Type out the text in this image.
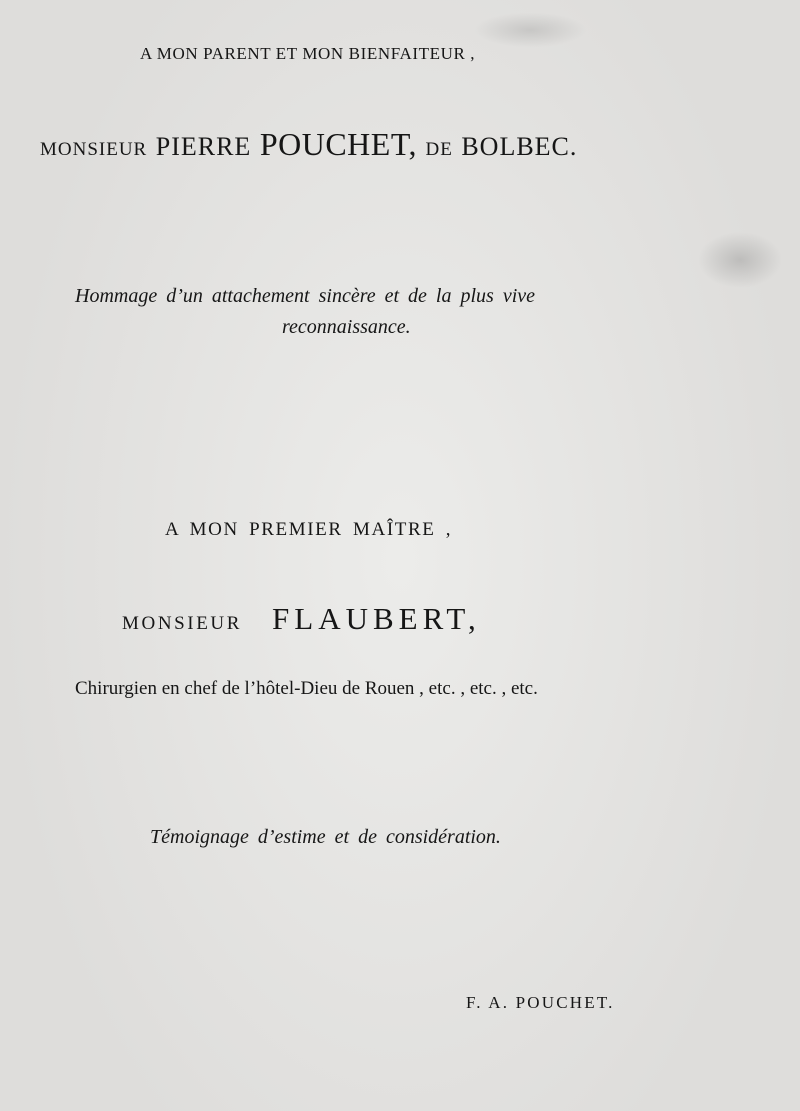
A MON PARENT ET MON BIENFAITEUR ,
MONSIEUR PIERRE POUCHET, DE BOLBEC.
Hommage d’un attachement sincère et de la plus vive
reconnaissance.
A MON PREMIER MAÎTRE ,
MONSIEUR FLAUBERT,
Chirurgien en chef de l’hôtel-Dieu de Rouen , etc. , etc. , etc.
Témoignage d’estime et de considération.
F. A. POUCHET.
